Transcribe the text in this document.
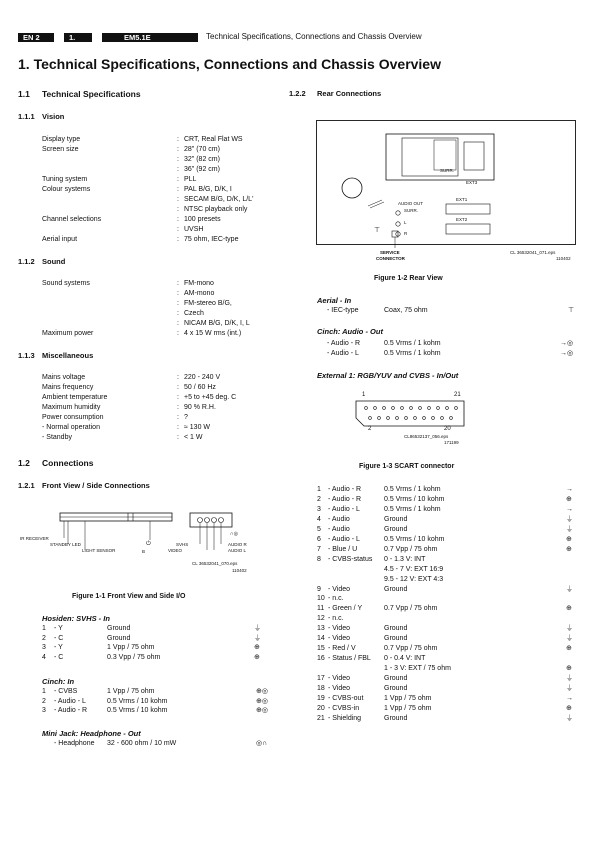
EN 2	1.	EM5.1E	Technical Specifications, Connections and Chassis Overview
1. Technical Specifications, Connections and Chassis Overview
1.1 Technical Specifications
1.1.1 Vision
Display type	: CRT, Real Flat WS
Screen size	: 28" (70 cm)
: 32" (82 cm)
: 36" (92 cm)
Tuning system	: PLL
Colour systems	: PAL B/G, D/K, I
: SECAM B/G, D/K, L/L'
: NTSC playback only
Channel selections	: 100 presets
: UVSH
Aerial input	: 75 ohm, IEC-type
1.1.2 Sound
Sound systems	: FM-mono
: AM-mono
: FM-stereo B/G,
: Czech
: NICAM B/G, D/K, I, L
Maximum power	: 4 x 15 W rms (int.)
1.1.3 Miscellaneous
Mains voltage	: 220 - 240 V
Mains frequency	: 50 / 60 Hz
Ambient temperature	: +5 to +45 deg. C
Maximum humidity	: 90 % R.H.
Power consumption	: ?
- Normal operation	: ≈ 130 W
- Standby	: < 1 W
1.2 Connections
1.2.1 Front View / Side Connections
IR RECEIVER
STANDBY LED
LIGHT SENSOR
⏻
B
SVHS
VIDEO
AUDIO R
AUDIO L
∩◎
CL 36532041_070.eps
110402
Figure 1-1 Front View and Side I/O
Hosiden: SVHS - In
1 - Y	Ground	⏚
2 - C	Ground	⏚
3 - Y	1 Vpp / 75 ohm	⊕
4 - C	0.3 Vpp / 75 ohm	⊕
Cinch: In
1 - CVBS	1 Vpp / 75 ohm	⊕◎
2 - Audio - L	0.5 Vrms / 10 kohm	⊕◎
3 - Audio - R	0.5 Vrms / 10 kohm	⊕◎
Mini Jack: Headphone - Out
- Headphone 32 - 600 ohm / 10 mW	◎∩
1.2.2 Rear Connections
⊤
SURR.
EXT3
AUDIO OUT
SURR.
EXT1
L
R
EXT2
SERVICE
CONNECTOR
CL 36532041_071.eps
110402
Figure 1-2 Rear View
Aerial - In
- IEC-type	Coax, 75 ohm	⊤
Cinch: Audio - Out
- Audio - R	0.5 Vrms / 1 kohm	→◎
- Audio - L	0.5 Vrms / 1 kohm	→◎
External 1: RGB/YUV and CVBS - In/Out
1	21
2	20
CL86532137_056.eps
171199
Figure 1-3 SCART connector
1 - Audio - R	0.5 Vrms / 1 kohm	→
2 - Audio - R	0.5 Vrms / 10 kohm	⊕
3 - Audio - L	0.5 Vrms / 1 kohm	→
4 - Audio	Ground	⏚
5 - Audio	Ground	⏚
6 - Audio - L	0.5 Vrms / 10 kohm	⊕
7 - Blue / U	0.7 Vpp / 75 ohm	⊕
8 - CVBS-status 0 - 1.3 V: INT
4.5 - 7 V: EXT 16:9
9.5 - 12 V: EXT 4:3
9 - Video	Ground	⏚
10 - n.c.
11 - Green / Y	0.7 Vpp / 75 ohm	⊕
12 - n.c.
13 - Video	Ground	⏚
14 - Video	Ground	⏚
15 - Red / V	0.7 Vpp / 75 ohm	⊕
16 - Status / FBL 0 - 0.4 V: INT
1 - 3 V: EXT / 75 ohm	⊕
17 - Video	Ground	⏚
18 - Video	Ground	⏚
19 - CVBS-out	1 Vpp / 75 ohm	→
20 - CVBS-in	1 Vpp / 75 ohm	⊕
21 - Shielding	Ground	⏚
